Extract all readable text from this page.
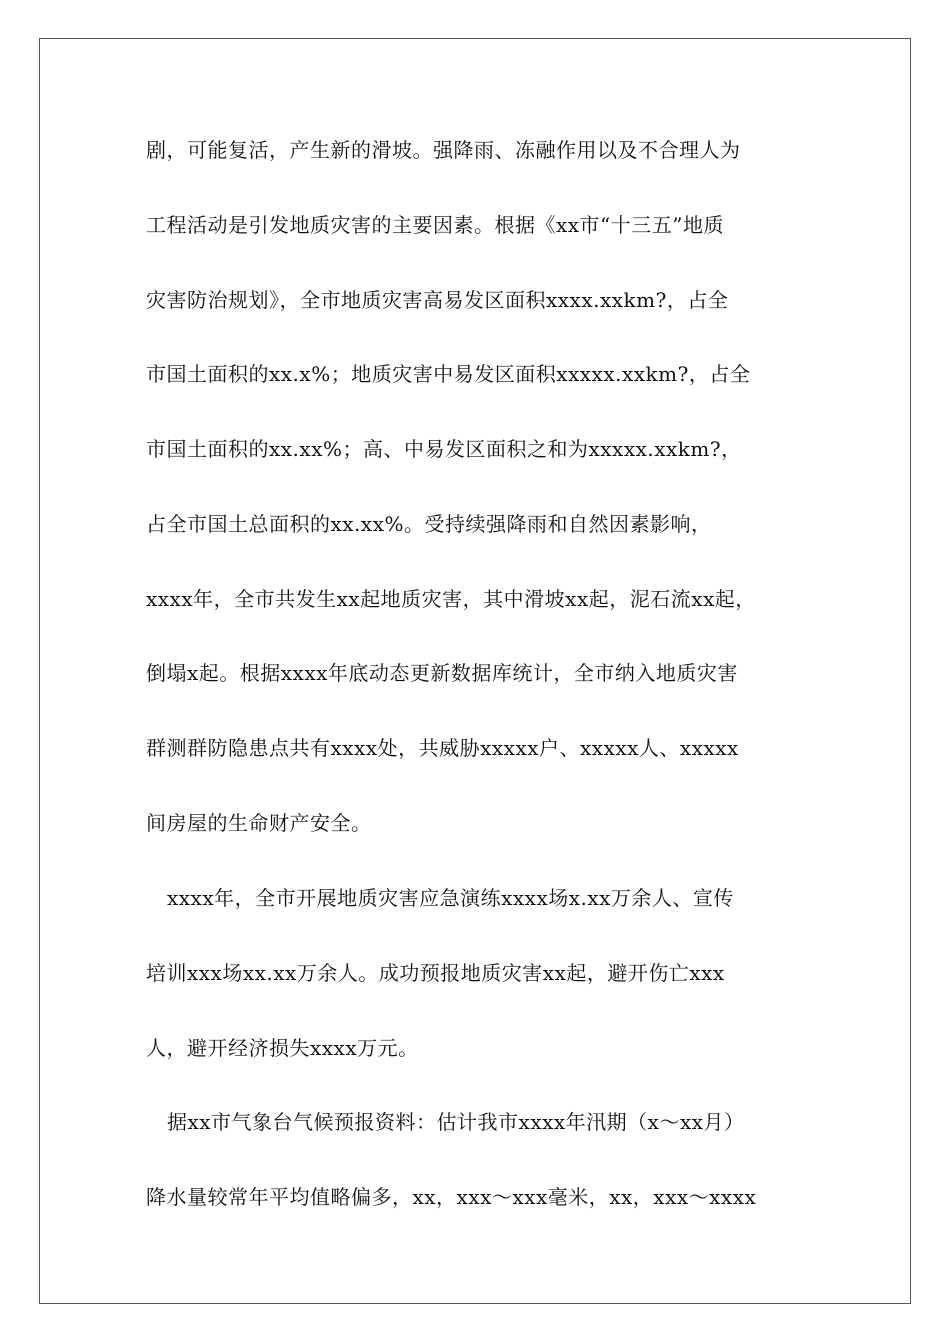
剧，可能复活，产生新的滑坡。强降雨、冻融作用以及不合理人为
工程活动是引发地质灾害的主要因素。根据《xx市“十三五”地质
灾害防治规划》，全市地质灾害高易发区面积xxxx.xxkm?，占全
市国土面积的xx.x%；地质灾害中易发区面积xxxxx.xxkm?，占全
市国土面积的xx.xx%；高、中易发区面积之和为xxxxx.xxkm?，
占全市国土总面积的xx.xx%。受持续强降雨和自然因素影响，
xxxx年，全市共发生xx起地质灾害，其中滑坡xx起，泥石流xx起，
倒塌x起。根据xxxx年底动态更新数据库统计，全市纳入地质灾害
群测群防隐患点共有xxxx处，共威胁xxxxx户、xxxxx人、xxxxx
间房屋的生命财产安全。
xxxx年，全市开展地质灾害应急演练xxxx场x.xx万余人、宣传
培训xxx场xx.xx万余人。成功预报地质灾害xx起，避开伤亡xxx
人，避开经济损失xxxx万元。
据xx市气象台气候预报资料：估计我市xxxx年汛期（x～xx月）
降水量较常年平均值略偏多，xx，xxx～xxx毫米，xx，xxx～xxxx
